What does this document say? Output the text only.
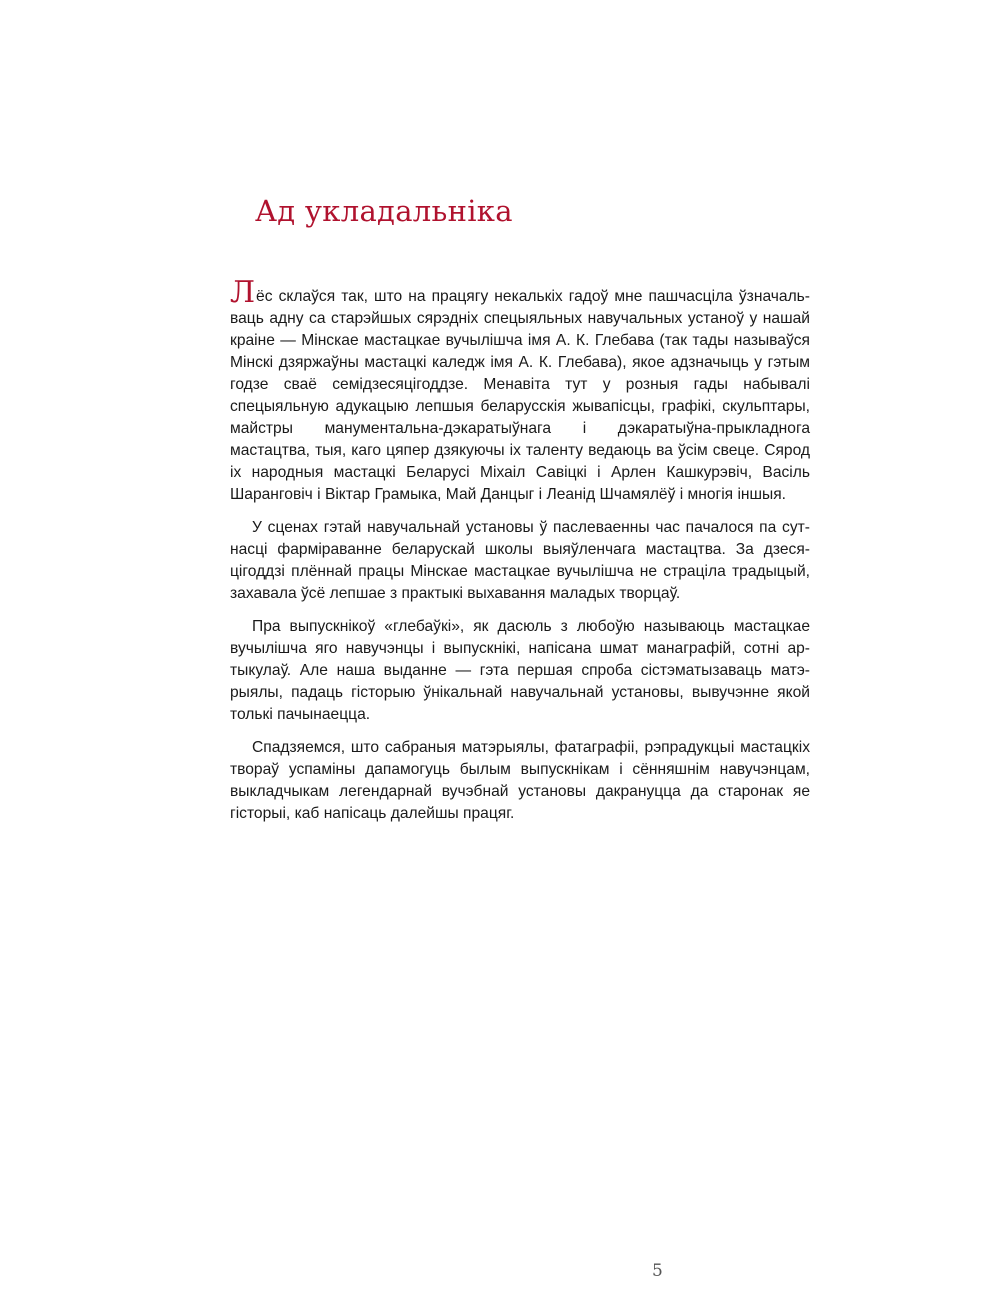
Ад укладальніка

Лёс склаўся так, што на працягу некалькіх гадоў мне пашчасціла ўзначальваць адну са старэйшых сярэдніх спецыяльных навучальных устаноў у нашай краіне — Мінскае мастацкае вучылішча імя А. К. Глебава (так тады называўся Мінскі дзяржаўны мастацкі каледж імя А. К. Глебава), якое адзначыць у гэтым годзе сваё семідзесяцігоддзе. Менавіта тут у розныя гады набывалі спецыяльную адукацыю лепшыя беларусскія жывапісцы, графікі, скульптары, майстры манументальна-дэкаратыўнага і дэкаратыўна-прыкладнога мастацтва, тыя, каго цяпер дзякуючы іх таленту ведаюць ва ўсім свеце. Сярод іх народныя мастацкі Беларусі Міхаіл Савіцкі і Арлен Кашкурэвіч, Васіль Шаранговіч і Віктар Грамыка, Май Данцыг і Леанід Шчамялёў і многія іншыя.

У сценах гэтай навучальнай установы ў паслеваенны час пачалося па сутнасці фарміраванне беларускай школы выяўленчага мастацтва. За дзесяцігоддзі плённай працы Мінскае мастацкае вучылішча не страціла традыцый, захавала ўсё лепшае з практыкі выхавання маладых творцаў.

Пра выпускнікоў «глебаўкі», як дасюль з любоўю называюць мастацкае вучылішча яго навучэнцы і выпускнікі, напісана шмат манаграфій, сотні артыкулаў. Але наша выданне — гэта першая спроба сістэматызаваць матэрыялы, падаць гісторыю ўнікальнай навучальнай установы, вывучэнне якой толькі пачынаецца.

Спадзяемся, што сабраныя матэрыялы, фатаграфіі, рэпрадукцыі мастацкіх твораў успаміны дапамогуць былым выпускнікам і сённяшнім навучэнцам, выкладчыкам легендарнай вучэбнай установы дакрануцца да старонак яе гісторыі, каб напісаць далейшы працяг.

5
